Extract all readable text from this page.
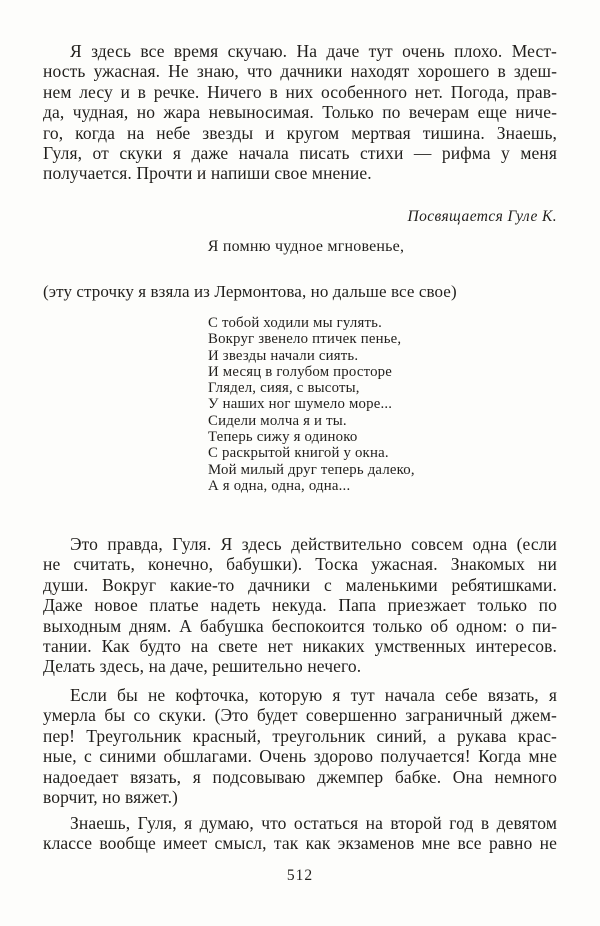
Я здесь все время скучаю. На даче тут очень плохо. Мест-
ность ужасная. Не знаю, что дачники находят хорошего в здеш-
нем лесу и в речке. Ничего в них особенного нет. Погода, прав-
да, чудная, но жара невыносимая. Только по вечерам еще ниче-
го, когда на небе звезды и кругом мертвая тишина. Знаешь,
Гуля, от скуки я даже начала писать стихи — рифма у меня
получается. Прочти и напиши свое мнение.
Посвящается Гуле К.
Я помню чудное мгновенье,
(эту строчку я взяла из Лермонтова, но дальше все свое)
С тобой ходили мы гулять.
Вокруг звенело птичек пенье,
И звезды начали сиять.
И месяц в голубом просторе
Глядел, сияя, с высоты,
У наших ног шумело море...
Сидели молча я и ты.
Теперь сижу я одиноко
С раскрытой книгой у окна.
Мой милый друг теперь далеко,
А я одна, одна, одна...
Это правда, Гуля. Я здесь действительно совсем одна (если
не считать, конечно, бабушки). Тоска ужасная. Знакомых ни
души. Вокруг какие-то дачники с маленькими ребятишками.
Даже новое платье надеть некуда. Папа приезжает только по
выходным дням. А бабушка беспокоится только об одном: о пи-
тании. Как будто на свете нет никаких умственных интересов.
Делать здесь, на даче, решительно нечего.
Если бы не кофточка, которую я тут начала себе вязать, я
умерла бы со скуки. (Это будет совершенно заграничный джем-
пер! Треугольник красный, треугольник синий, а рукава крас-
ные, с синими обшлагами. Очень здорово получается! Когда мне
надоедает вязать, я подсовываю джемпер бабке. Она немного
ворчит, но вяжет.)
Знаешь, Гуля, я думаю, что остаться на второй год в девятом
классе вообще имеет смысл, так как экзаменов мне все равно не
512
